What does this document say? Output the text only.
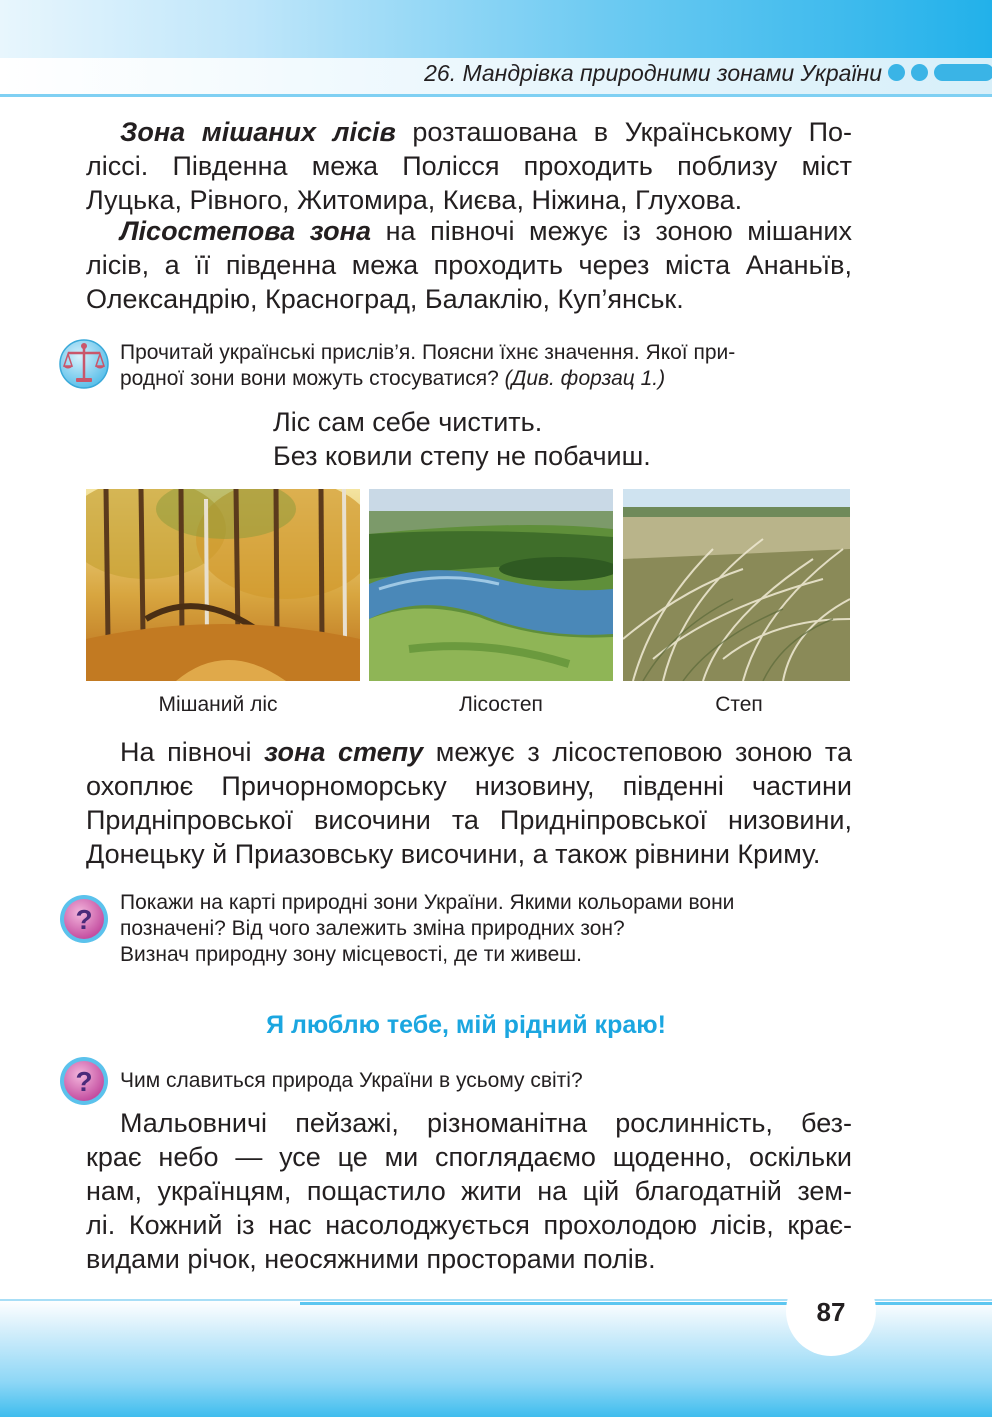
26. Мандрівка природними зонами України
Зона мішаних лісів розташована в Українському По-
ліссі. Південна межа Полісся проходить поблизу міст
Луцька, Рівного, Житомира, Києва, Ніжина, Глухова.
Лісостепова зона на півночі межує із зоною мішаних
лісів, а її південна межа проходить через міста Ананьїв,
Олександрію, Красноград, Балаклію, Куп’янськ.
Прочитай українські прислів’я. Поясни їхнє значення. Якої при-
родної зони вони можуть стосуватися? (Див. форзац 1.)
Ліс сам себе чистить.
Без ковили степу не побачиш.
Мішаний ліс	Лісостеп	Степ
На півночі зона степу межує з лісостеповою зоною та
охоплює Причорноморську низовину, південні частини
Придніпровської височини та Придніпровської низовини,
Донецьку й Приазовську височини, а також рівнини Криму.
?
Покажи на карті природні зони України. Якими кольорами вони
позначені? Від чого залежить зміна природних зон?
Визнач природну зону місцевості, де ти живеш.
Я люблю тебе, мій рідний краю!
? Чим славиться природа України в усьому світі?
Мальовничі пейзажі, різноманітна рослинність, без-
крає небо — усе це ми споглядаємо щоденно, оскільки
нам, українцям, пощастило жити на цій благодатній зем-
лі. Кожний із нас насолоджується прохолодою лісів, крає-
видами річок, неосяжними просторами полів.
87
